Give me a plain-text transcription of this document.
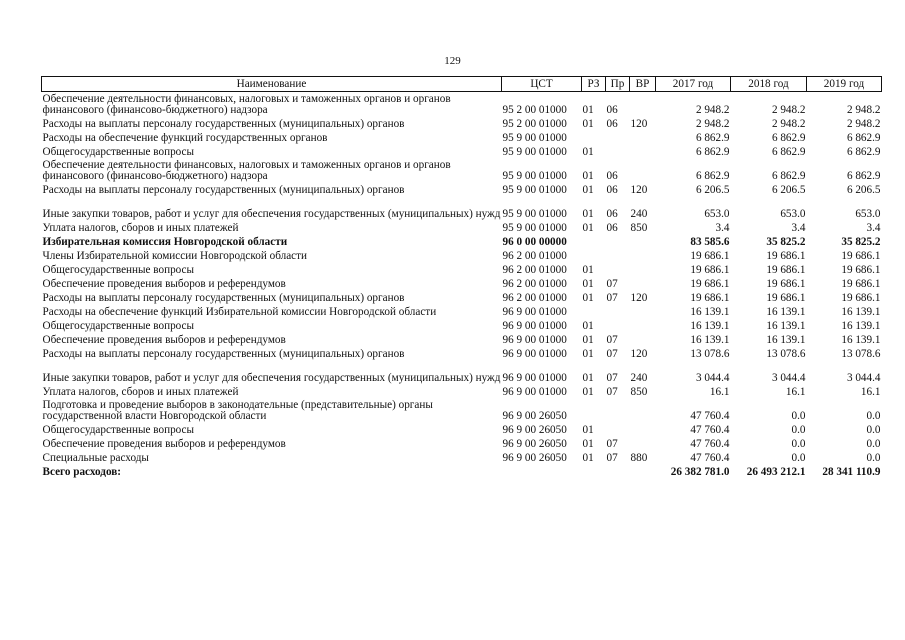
129
Наименование	ЦСТ	РЗ	Пр	ВР	2017 год	2018 год	2019 год
Обеспечение деятельности финансовых, налоговых и таможенных органов и органов финансового (финансово-бюджетного) надзора	95 2 00 01000	01	06		2 948.2	2 948.2	2 948.2
Расходы на выплаты персоналу государственных (муниципальных) органов	95 2 00 01000	01	06	120	2 948.2	2 948.2	2 948.2
Расходы на обеспечение функций государственных органов	95 9 00 01000				6 862.9	6 862.9	6 862.9
Общегосударственные вопросы	95 9 00 01000	01			6 862.9	6 862.9	6 862.9
Обеспечение деятельности финансовых, налоговых и таможенных органов и органов финансового (финансово-бюджетного) надзора	95 9 00 01000	01	06		6 862.9	6 862.9	6 862.9
Расходы на выплаты персоналу государственных (муниципальных) органов	95 9 00 01000	01	06	120	6 206.5	6 206.5	6 206.5
Иные закупки товаров, работ и услуг для обеспечения государственных (муниципальных) нужд	95 9 00 01000	01	06	240	653.0	653.0	653.0
Уплата налогов, сборов и иных платежей	95 9 00 01000	01	06	850	3.4	3.4	3.4
Избирательная комиссия Новгородской области	96 0 00 00000				83 585.6	35 825.2	35 825.2
Члены Избирательной комиссии Новгородской области	96 2 00 01000				19 686.1	19 686.1	19 686.1
Общегосударственные вопросы	96 2 00 01000	01			19 686.1	19 686.1	19 686.1
Обеспечение проведения выборов и референдумов	96 2 00 01000	01	07		19 686.1	19 686.1	19 686.1
Расходы на выплаты персоналу государственных (муниципальных) органов	96 2 00 01000	01	07	120	19 686.1	19 686.1	19 686.1
Расходы на обеспечение функций Избирательной комиссии Новгородской области	96 9 00 01000				16 139.1	16 139.1	16 139.1
Общегосударственные вопросы	96 9 00 01000	01			16 139.1	16 139.1	16 139.1
Обеспечение проведения выборов и референдумов	96 9 00 01000	01	07		16 139.1	16 139.1	16 139.1
Расходы на выплаты персоналу государственных (муниципальных) органов	96 9 00 01000	01	07	120	13 078.6	13 078.6	13 078.6
Иные закупки товаров, работ и услуг для обеспечения государственных (муниципальных) нужд	96 9 00 01000	01	07	240	3 044.4	3 044.4	3 044.4
Уплата налогов, сборов и иных платежей	96 9 00 01000	01	07	850	16.1	16.1	16.1
Подготовка и проведение выборов в законодательные (представительные) органы государственной власти Новгородской области	96 9 00 26050				47 760.4	0.0	0.0
Общегосударственные вопросы	96 9 00 26050	01			47 760.4	0.0	0.0
Обеспечение проведения выборов и референдумов	96 9 00 26050	01	07		47 760.4	0.0	0.0
Специальные расходы	96 9 00 26050	01	07	880	47 760.4	0.0	0.0
Всего расходов:					26 382 781.0	26 493 212.1	28 341 110.9
